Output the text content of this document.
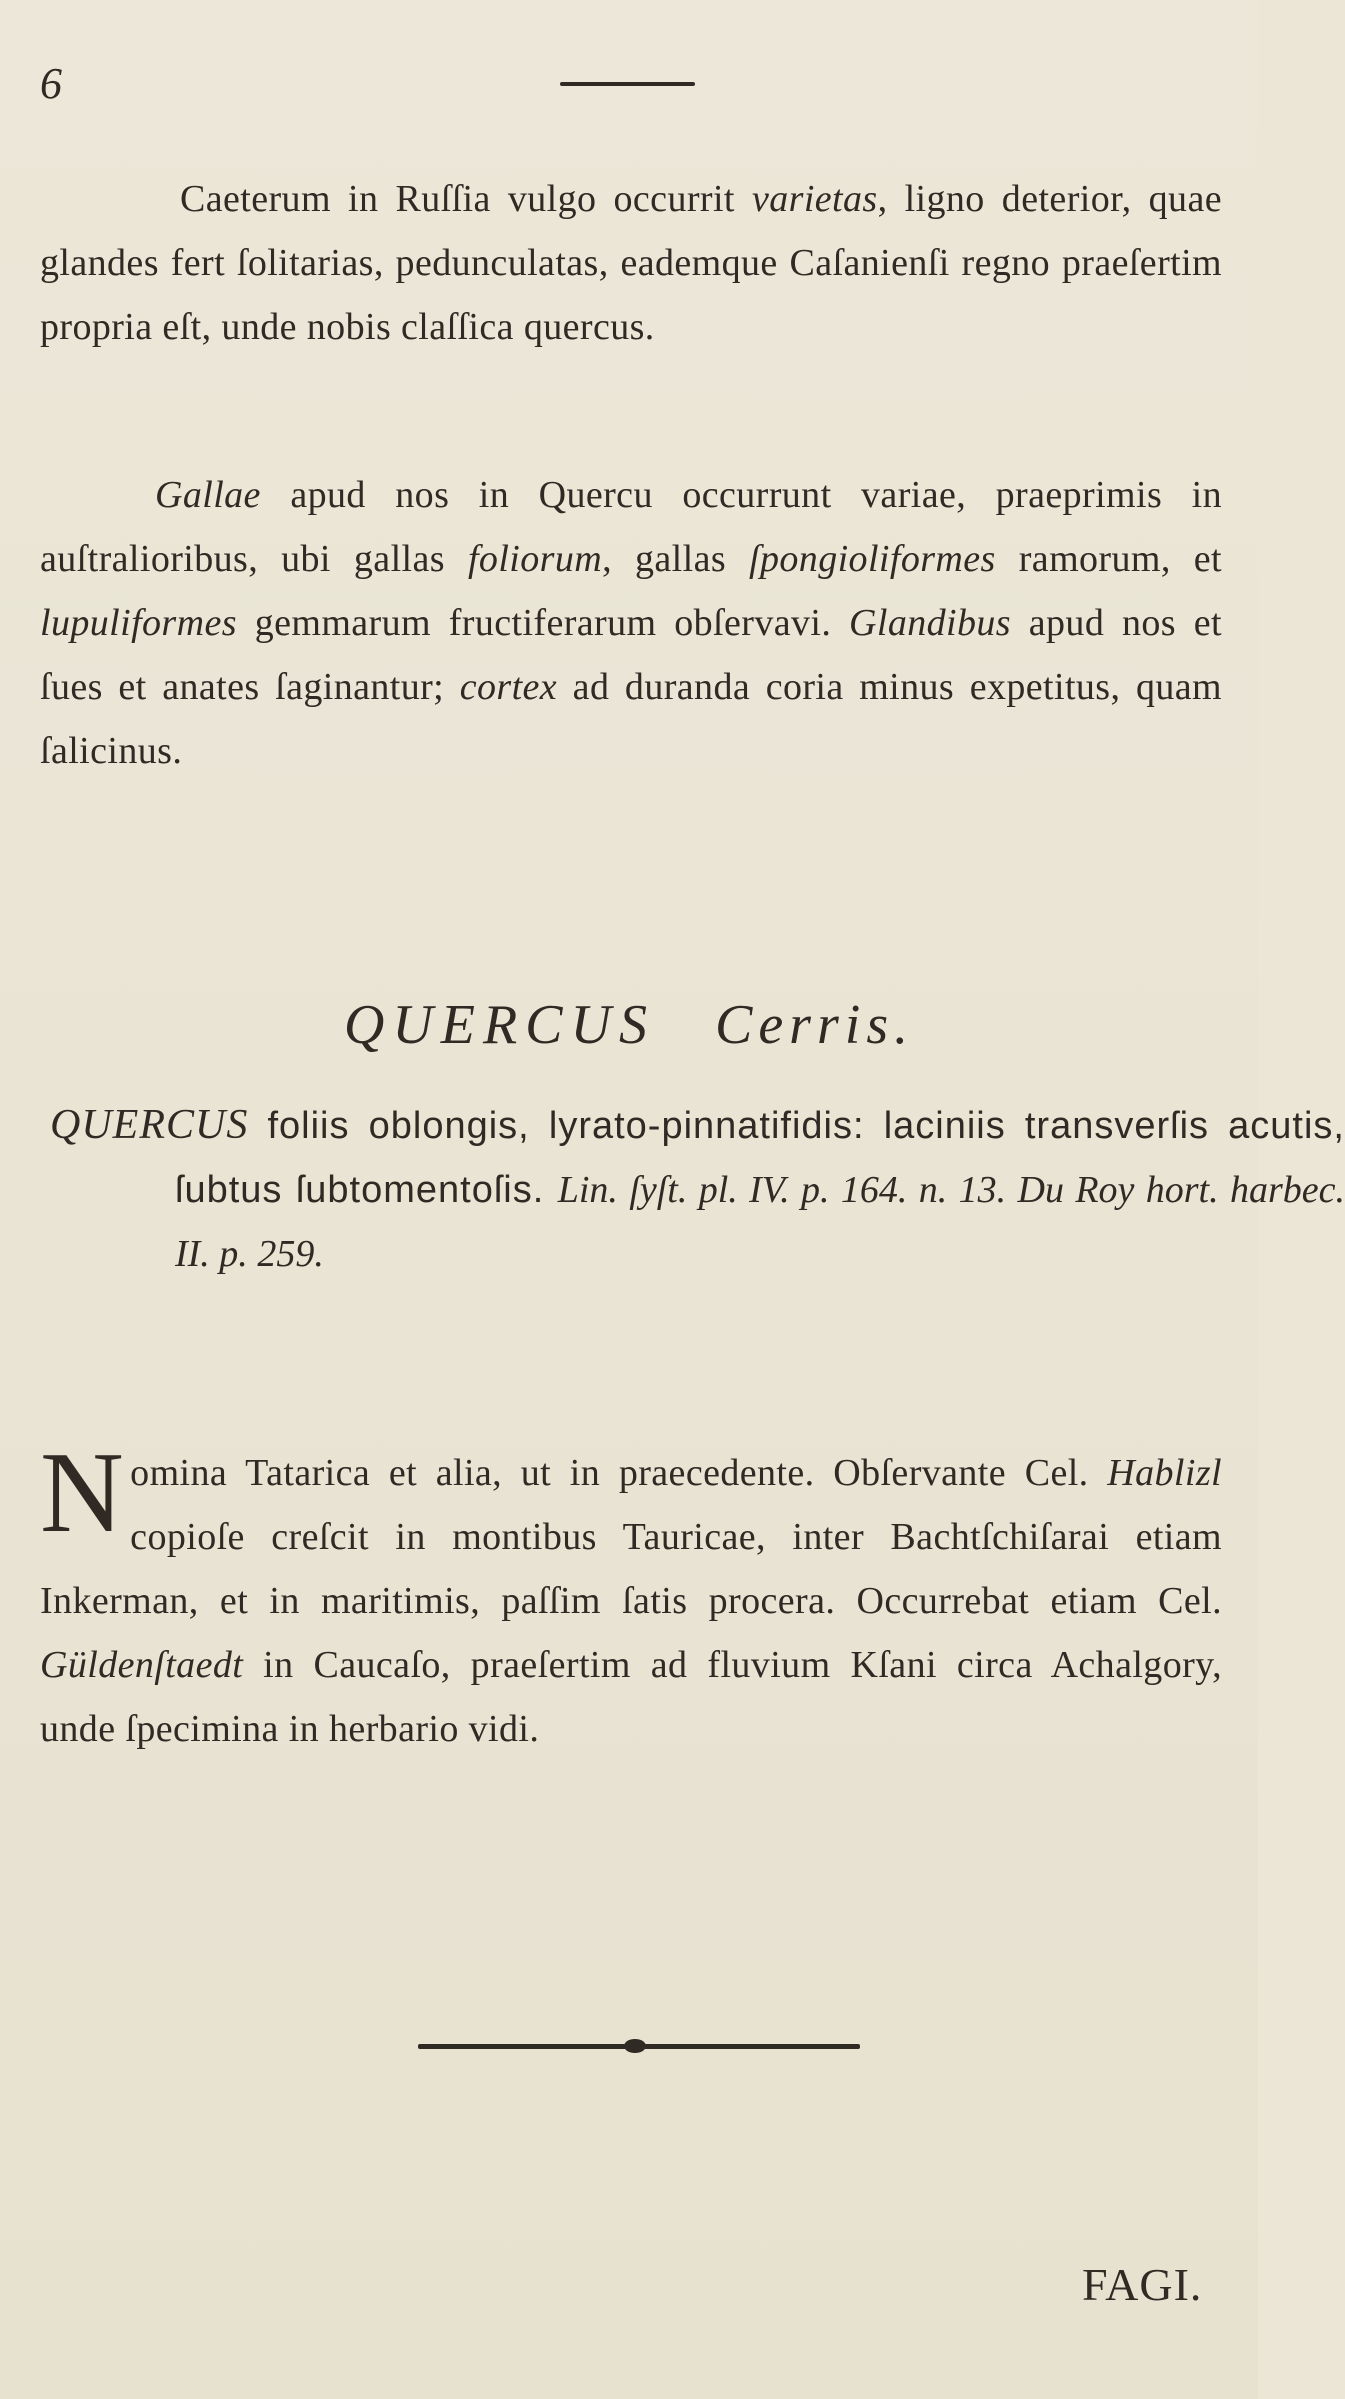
6

Caeterum in Ruſſia vulgo occurrit varietas, ligno deterior, quae glandes fert ſolitarias, pedunculatas, eademque Caſanienſi regno praeſertim propria eſt, unde nobis claſſica quercus.

Gallae apud nos in Quercu occurrunt variae, praeprimis in auſtralioribus, ubi gallas foliorum, gallas ſpongioliformes ramorum, et lupuliformes gemmarum fructiferarum obſervavi. Glandibus apud nos et ſues et anates ſaginantur; cortex ad duranda coria minus expetitus, quam ſalicinus.

QUERCUS Cerris.

QUERCUS foliis oblongis, lyrato-pinnatifidis: laciniis transverſis acutis, ſubtus ſubtomentoſis. Lin. ſyſt. pl. IV. p. 164. n. 13. Du Roy hort. harbec. II. p. 259.

Nomina Tatarica et alia, ut in praecedente. Obſervante Cel. Hablizl copioſe creſcit in montibus Tauricae, inter Bachtſchiſarai etiam Inkerman, et in maritimis, paſſim ſatis procera. Occurrebat etiam Cel. Güldenſtaedt in Caucaſo, praeſertim ad fluvium Kſani circa Achalgory, unde ſpecimina in herbario vidi.

FAGI.
